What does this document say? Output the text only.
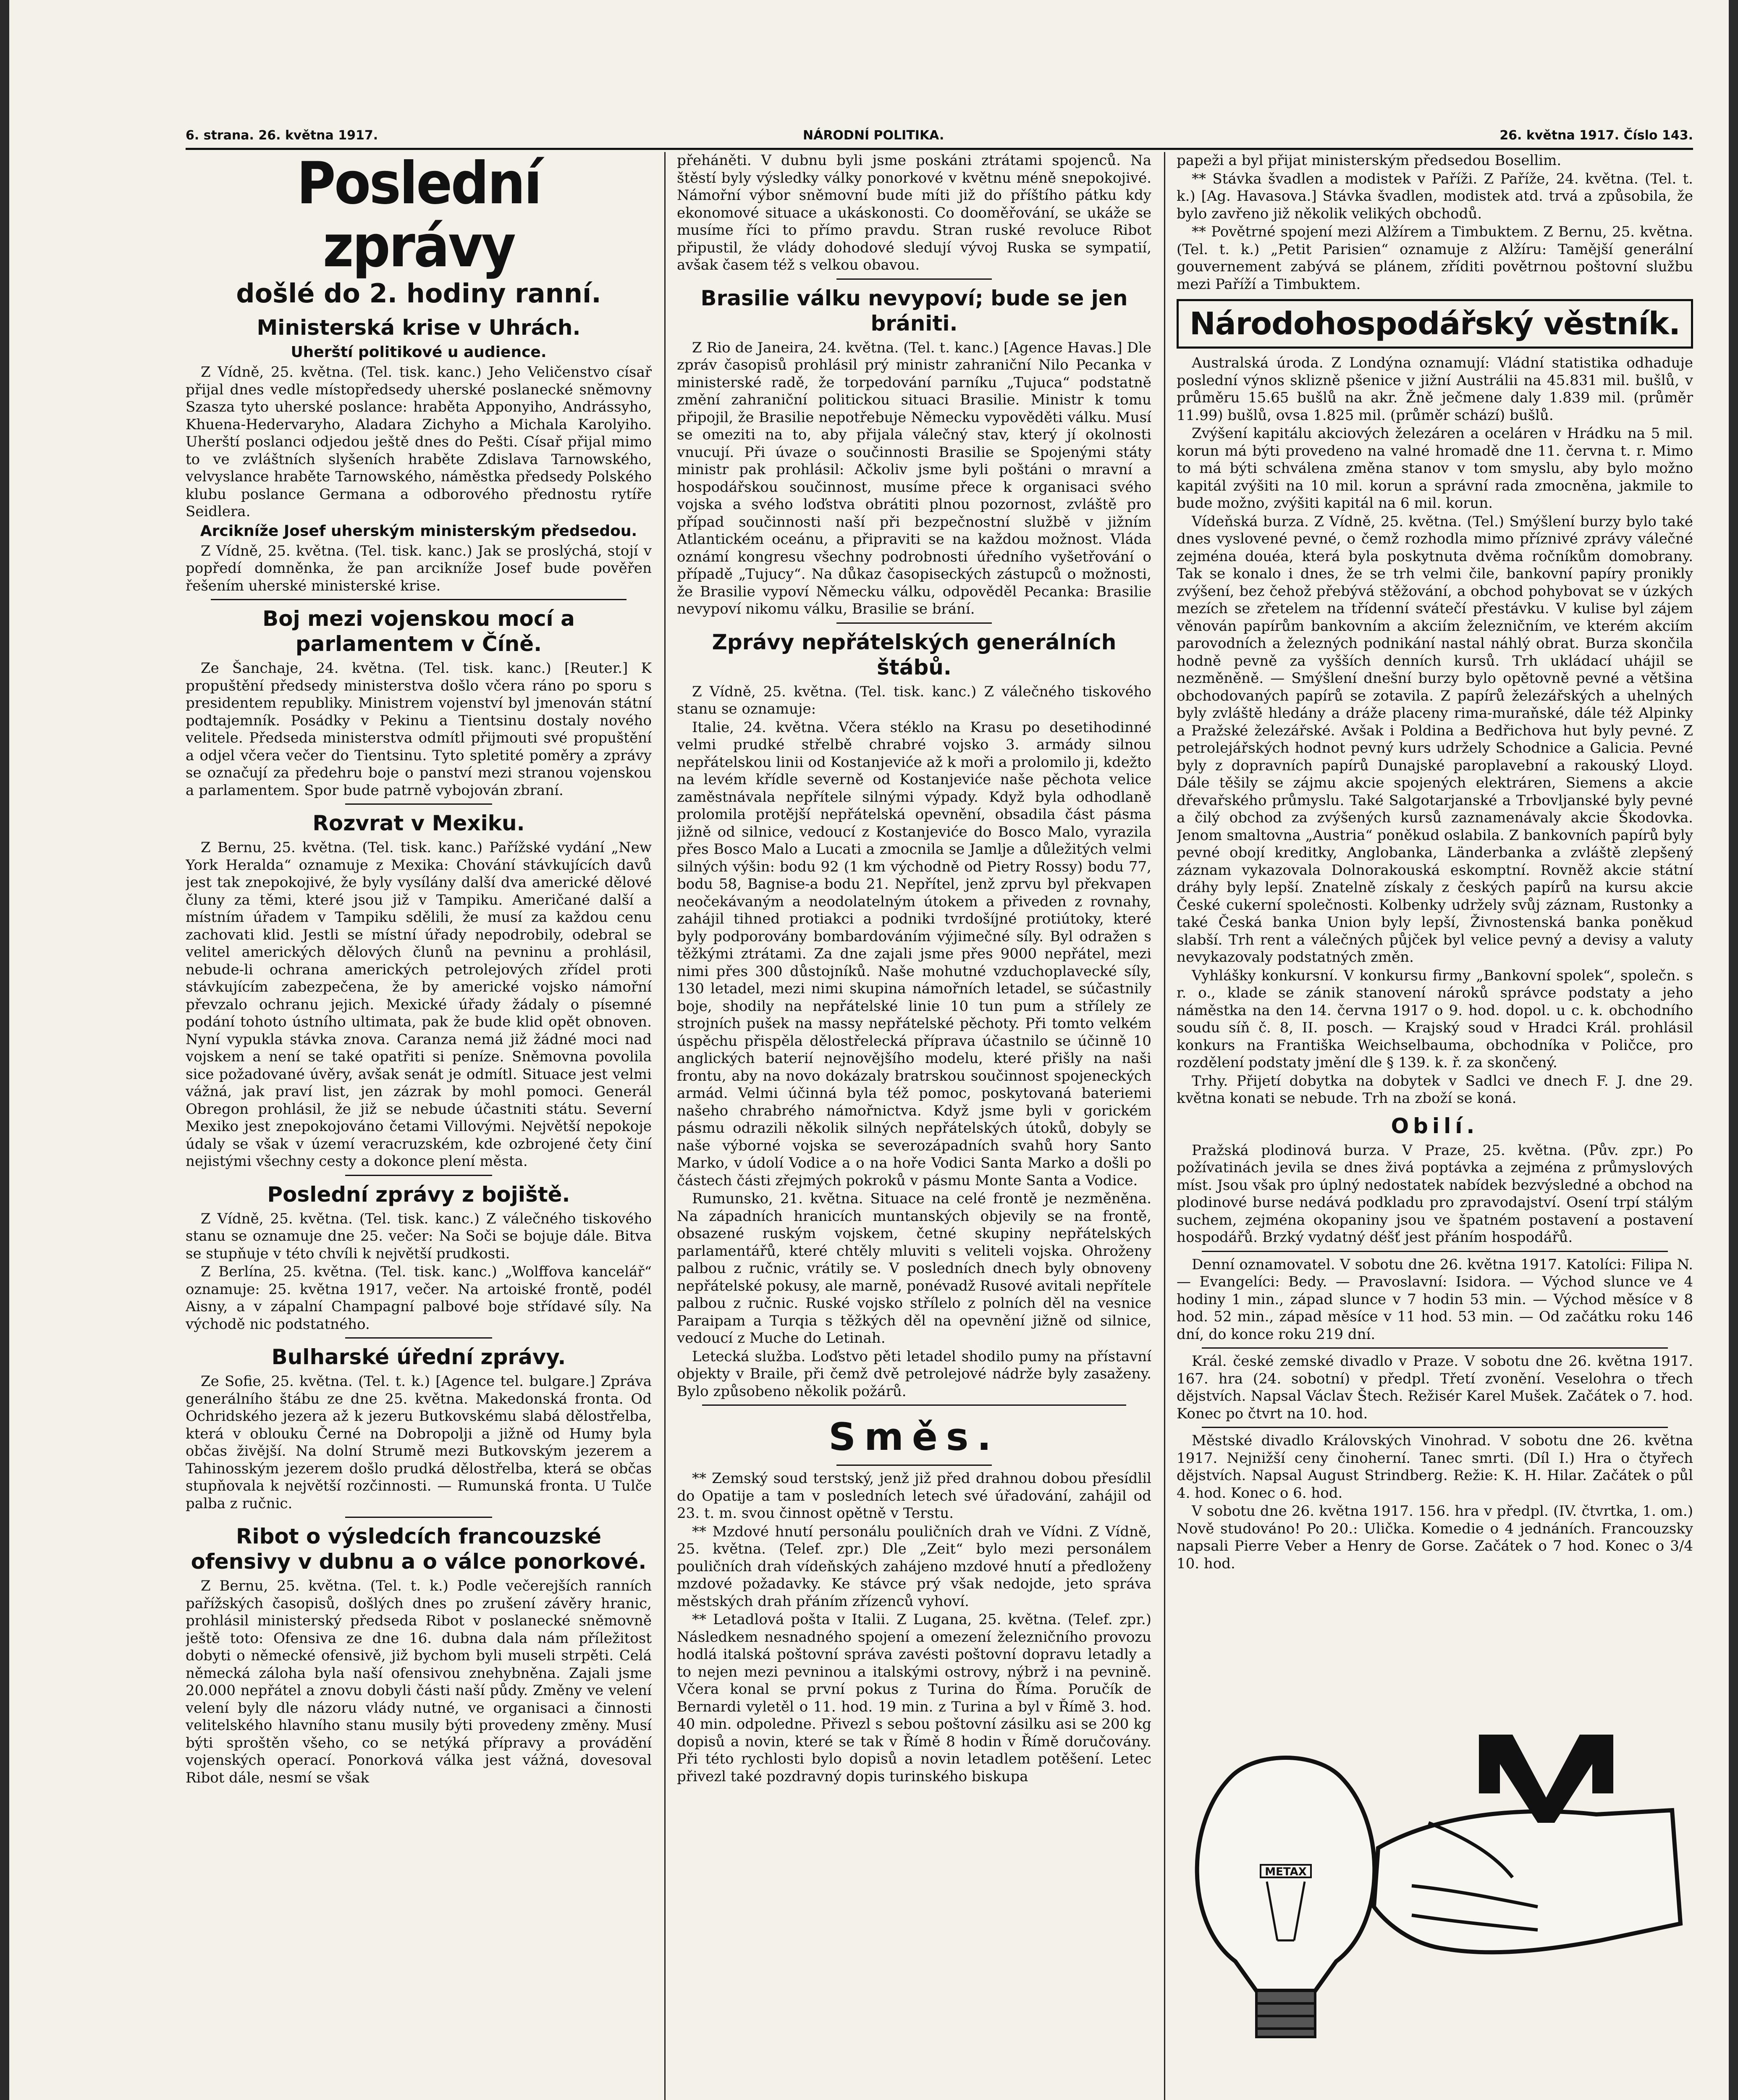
6. strana. 26. května 1917.	NÁRODNÍ POLITIKA.	26. května 1917. Číslo 143.
Poslední zprávy
došlé do 2. hodiny ranní.
Ministerská krise v Uhrách.
Uherští politikové u audience.

Z Vídně, 25. května. (Tel. tisk. kanc.) Jeho Veličenstvo císař přijal dnes vedle místopředsedy uherské poslanecké sněmovny Szasza tyto uherské poslance: hraběta Apponyiho, Andrássyho, Khuena-Hedervaryho, Aladara Zichyho a Michala Karolyiho. Uherští poslanci odjedou ještě dnes do Pešti. Císař přijal mimo to ve zvláštních slyšeních hraběte Zdislava Tarnowského, velvyslance hraběte Tarnowského, náměstka předsedy Polského klubu poslance Germana a odborového přednostu rytíře Seidlera.

Arcikníže Josef uherským ministerským předsedou.

Z Vídně, 25. května. (Tel. tisk. kanc.) Jak se proslýchá, stojí v popředí domněnka, že pan arcikníže Josef bude pověřen řešením uherské ministerské krise.

Boj mezi vojenskou mocí a parlamentem v Číně.

Ze Šanchaje, 24. května. (Tel. tisk. kanc.) [Reuter.] K propuštění předsedy ministerstva došlo včera ráno po sporu s presidentem republiky. Ministrem vojenství byl jmenován státní podtajemník. Posádky v Pekinu a Tientsinu dostaly nového velitele. Předseda ministerstva odmítl přijmouti své propuštění a odjel včera večer do Tientsinu. Tyto spletité poměry a zprávy se označují za předehru boje o panství mezi stranou vojenskou a parlamentem. Spor bude patrně vybojován zbraní.

Rozvrat v Mexiku.

Z Bernu, 25. května. (Tel. tisk. kanc.) Pařížské vydání „New York Heralda“ oznamuje z Mexika: Chování stávkujících davů jest tak znepokojivé, že byly vysílány další dva americké dělové čluny za těmi, které jsou již v Tampiku. Američané další a místním úřadem v Tampiku sdělili, že musí za každou cenu zachovati klid. Jestli se místní úřady nepodrobily, odebral se velitel amerických dělových člunů na pevninu a prohlásil, nebude-li ochrana amerických petrolejových zřídel proti stávkujícím zabezpečena, že by americké vojsko námořní převzalo ochranu jejich. Mexické úřady žádaly o písemné podání tohoto ústního ultimata, pak že bude klid opět obnoven. Nyní vypukla stávka znova. Caranza nemá již žádné moci nad vojskem a není se také opatřiti si peníze. Sněmovna povolila sice požadované úvěry, avšak senát je odmítl. Situace jest velmi vážná, jak praví list, jen zázrak by mohl pomoci. Generál Obregon prohlásil, že již se nebude účastniti státu. Severní Mexiko jest znepokojováno četami Villovými. Největší nepokoje údaly se však v území veracruzském, kde ozbrojené čety činí nejistými všechny cesty a dokonce plení města.

Poslední zprávy z bojiště.

Z Vídně, 25. května. (Tel. tisk. kanc.) Z válečného tiskového stanu se oznamuje dne 25. večer: Na Soči se bojuje dále. Bitva se stupňuje v této chvíli k největší prudkosti.

Z Berlína, 25. května. (Tel. tisk. kanc.) „Wolffova kancelář“ oznamuje: 25. května 1917, večer. Na artoiské frontě, podél Aisny, a v zápalní Champagní palbové boje střídavé síly. Na východě nic podstatného.

Bulharské úřední zprávy.

Ze Sofie, 25. května. (Tel. t. k.) [Agence tel. bulgare.] Zpráva generálního štábu ze dne 25. května. Makedonská fronta. Od Ochridského jezera až k jezeru Butkovskému slabá dělostřelba, která v oblouku Černé na Dobropolji a jižně od Humy byla občas živější. Na dolní Strumě mezi Butkovským jezerem a Tahinosským jezerem došlo prudká dělostřelba, která se občas stupňovala k největší rozčinnosti. — Rumunská fronta. U Tulče palba z ručnic.

Ribot o výsledcích francouzské ofensivy v dubnu a o válce ponorkové.

Z Bernu, 25. května. (Tel. t. k.) Podle večerejších ranních pařížských časopisů, došlých dnes po zrušení závěry hranic, prohlásil ministerský předseda Ribot v poslanecké sněmovně ještě toto: Ofensiva ze dne 16. dubna dala nám příležitost dobyti o německé ofensivě, již bychom byli museli strpěti. Celá německá záloha byla naší ofensivou znehybněna. Zajali jsme 20.000 nepřátel a znovu dobyli části naší půdy. Změny ve velení velení byly dle názoru vlády nutné, ve organisaci a činnosti velitelského hlavního stanu musily býti provedeny změny. Musí býti sproštěn všeho, co se netýká přípravy a provádění vojenských operací. Ponorková válka jest vážná, dovesoval Ribot dále, nesmí se však

přeháněti. V dubnu byli jsme poskáni ztrátami spojenců. Na štěstí byly výsledky války ponorkové v květnu méně snepokojivé. Námořní výbor sněmovní bude míti již do příštího pátku kdy ekonomové situace a ukáskonosti. Co dooměřování, se ukáže se musíme říci to přímo pravdu. Stran ruské revoluce Ribot připustil, že vlády dohodové sledují vývoj Ruska se sympatií, avšak časem též s velkou obavou.

Brasilie válku nevypoví; bude se jen brániti.

Z Rio de Janeira, 24. května. (Tel. t. kanc.) [Agence Havas.] Dle zpráv časopisů prohlásil prý ministr zahraniční Nilo Pecanka v ministerské radě, že torpedování parníku „Tujuca“ podstatně změní zahraniční politickou situaci Brasilie. Ministr k tomu připojil, že Brasilie nepotřebuje Německu vypověděti válku. Musí se omeziti na to, aby přijala válečný stav, který jí okolnosti vnucují. Při úvaze o součinnosti Brasilie se Spojenými státy ministr pak prohlásil: Ačkoliv jsme byli poštáni o mravní a hospodářskou součinnost, musíme přece k organisaci svého vojska a svého loďstva obrátiti plnou pozornost, zvláště pro případ součinnosti naší při bezpečnostní službě v jižním Atlantickém oceánu, a připraviti se na každou možnost. Vláda oznámí kongresu všechny podrobnosti úředního vyšetřování o případě „Tujucy“. Na důkaz časopiseckých zástupců o možnosti, že Brasilie vypoví Německu válku, odpověděl Pecanka: Brasilie nevypoví nikomu válku, Brasilie se brání.

Zprávy nepřátelských generálních štábů.

Z Vídně, 25. května. (Tel. tisk. kanc.) Z válečného tiskového stanu se oznamuje:

Italie, 24. května. Včera stéklo na Krasu po desetihodinné velmi prudké střelbě chrabré vojsko 3. armády silnou nepřátelskou linii od Kostanjeviće až k moři a prolomilo ji, kdežto na levém křídle severně od Kostanjeviće naše pěchota velice zaměstnávala nepřítele silnými výpady. Když byla odhodlaně prolomila protější nepřátelská opevnění, obsadila část pásma jižně od silnice, vedoucí z Kostanjeviće do Bosco Malo, vyrazila přes Bosco Malo a Lucati a zmocnila se Jamlje a důležitých velmi silných výšin: bodu 92 (1 km východně od Pietry Rossy) bodu 77, bodu 58, Bagnise-a bodu 21. Nepřítel, jenž zprvu byl překvapen neočekávaným a neodolatelným útokem a přiveden z rovnahy, zahájil tihned protiakci a podniki tvrdošíjné protiútoky, které byly podporovány bombardováním výjimečné síly. Byl odražen s těžkými ztrátami. Za dne zajali jsme přes 9000 nepřátel, mezi nimi přes 300 důstojníků. Naše mohutné vzduchoplavecké síly, 130 letadel, mezi nimi skupina námořních letadel, se súčastnily boje, shodily na nepřátelské linie 10 tun pum a střílely ze strojních pušek na massy nepřátelské pěchoty. Při tomto velkém úspěchu přispěla dělostřelecká příprava účastnilo se účinně 10 anglických baterií nejnovějšího modelu, které přišly na naši frontu, aby na novo dokázaly bratrskou součinnost spojeneckých armád. Velmi účinná byla též pomoc, poskytovaná bateriemi našeho chrabrého námořnictva. Když jsme byli v gorickém pásmu odrazili několik silných nepřátelských útoků, dobyly se naše výborné vojska se severozápadních svahů hory Santo Marko, v údolí Vodice a o na hoře Vodici Santa Marko a došli po částech části zřejmých pokroků v pásmu Monte Santa a Vodice.

Rumunsko, 21. května. Situace na celé frontě je nezměněna. Na západních hranicích muntanských objevily se na frontě, obsazené ruským vojskem, četné skupiny nepřátelských parlamentářů, které chtěly mluviti s veliteli vojska. Ohroženy palbou z ručnic, vrátily se. V posledních dnech byly obnoveny nepřátelské pokusy, ale marně, ponévadž Rusové avitali nepřítele palbou z ručnic. Ruské vojsko střílelo z polních děl na vesnice Paraipam a Turqia s těžkých děl na opevnění jižně od silnice, vedoucí z Muche do Letinah.

Letecká služba. Loďstvo pěti letadel shodilo pumy na přístavní objekty v Braile, při čemž dvě petrolejové nádrže byly zasaženy. Bylo způsobeno několik požárů.

Směs.

** Zemský soud terstský, jenž již před drahnou dobou přesídlil do Opatije a tam v posledních letech své úřadování, zahájil od 23. t. m. svou činnost opětně v Terstu.

** Mzdové hnutí personálu pouličních drah ve Vídni. Z Vídně, 25. května. (Telef. zpr.) Dle „Zeit“ bylo mezi personálem pouličních drah vídeňských zahájeno mzdové hnutí a předloženy mzdové požadavky. Ke stávce prý však nedojde, jeto správa městských drah přáním zřízenců vyhoví.

** Letadlová pošta v Italii. Z Lugana, 25. května. (Telef. zpr.) Následkem nesnadného spojení a omezení železničního provozu hodlá italská poštovní správa zavésti poštovní dopravu letadly a to nejen mezi pevninou a italskými ostrovy, nýbrž i na pevnině. Včera konal se první pokus z Turina do Říma. Poručík de Bernardi vyletěl o 11. hod. 19 min. z Turina a byl v Římě 3. hod. 40 min. odpoledne. Přivezl s sebou poštovní zásilku asi se 200 kg dopisů a novin, které se tak v Římě 8 hodin v Římě doručovány. Při této rychlosti bylo dopisů a novin letadlem potěšení. Letec přivezl také pozdravný dopis turinského biskupa

papeži a byl přijat ministerským předsedou Bosellim.

** Stávka švadlen a modistek v Paříži. Z Paříže, 24. května. (Tel. t. k.) [Ag. Havasova.] Stávka švadlen, modistek atd. trvá a způsobila, že bylo zavřeno již několik velikých obchodů.

** Povětrné spojení mezi Alžírem a Timbuktem. Z Bernu, 25. května. (Tel. t. k.) „Petit Parisien“ oznamuje z Alžíru: Tamější generální gouvernement zabývá se plánem, zříditi povětrnou poštovní službu mezi Paříží a Timbuktem.

Národohospodářský věstník.

Australská úroda. Z Londýna oznamují: Vládní statistika odhaduje poslední výnos sklizně pšenice v jižní Austrálii na 45.831 mil. bušlů, v průměru 15.65 bušlů na akr. Žně ječmene daly 1.839 mil. (průměr 11.99) bušlů, ovsa 1.825 mil. (průměr schází) bušlů.

Zvýšení kapitálu akciových železáren a oceláren v Hrádku na 5 mil. korun má býti provedeno na valné hromadě dne 11. června t. r. Mimo to má býti schválena změna stanov v tom smyslu, aby bylo možno kapitál zvýšiti na 10 mil. korun a správní rada zmocněna, jakmile to bude možno, zvýšiti kapitál na 6 mil. korun.

Vídeňská burza. Z Vídně, 25. května. (Tel.) Smýšlení burzy bylo také dnes vyslovené pevné, o čemž rozhodla mimo příznivé zprávy válečné zejména douéa, která byla poskytnuta dvěma ročníkům domobrany. Tak se konalo i dnes, že se trh velmi čile, bankovní papíry pronikly zvýšení, bez čehož přebývá stěžování, a obchod pohybovat se v úzkých mezích se zřetelem na třídenní svátečí přestávku. V kulise byl zájem věnován papírům bankovním a akciím železničním, ve kterém akciím parovodních a železných podnikání nastal náhlý obrat. Burza skončila hodně pevně za vyšších denních kursů. Trh ukládací uhájil se nezměněně. — Smýšlení dnešní burzy bylo opětovně pevné a většina obchodovaných papírů se zotavila. Z papírů železářských a uhelných byly zvláště hledány a dráže placeny rima-muraňské, dále též Alpinky a Pražské železářské. Avšak i Poldina a Bedřichova hut byly pevné. Z petrolejářských hodnot pevný kurs udržely Schodnice a Galicia. Pevné byly z dopravních papírů Dunajské paroplavební a rakouský Lloyd. Dále těšily se zájmu akcie spojených elektráren, Siemens a akcie dřevařského průmyslu. Také Salgotarjanské a Trbovljanské byly pevné a čilý obchod za zvýšených kursů zaznamenávaly akcie Škodovka. Jenom smaltovna „Austria“ poněkud oslabila. Z bankovních papírů byly pevné obojí kreditky, Anglobanka, Länderbanka a zvláště zlepšený záznam vykazovala Dolnorakouská eskomptní. Rovněž akcie státní dráhy byly lepší. Znatelně získaly z českých papírů na kursu akcie České cukerní společnosti. Kolbenky udržely svůj záznam, Rustonky a také Česká banka Union byly lepší, Živnostenská banka poněkud slabší. Trh rent a válečných půjček byl velice pevný a devisy a valuty nevykazovaly podstatných změn.

Vyhlášky konkursní. V konkursu firmy „Bankovní spolek“, společn. s r. o., klade se zánik stanovení nároků správce podstaty a jeho náměstka na den 14. června 1917 o 9. hod. dopol. u c. k. obchodního soudu síň č. 8, II. posch. — Krajský soud v Hradci Král. prohlásil konkurs na Františka Weichselbauma, obchodníka v Poličce, pro rozdělení podstaty jmění dle § 139. k. ř. za skončený.

Trhy. Přijetí dobytka na dobytek v Sadlci ve dnech F. J. dne 29. května konati se nebude. Trh na zboží se koná.

Obilí.

Pražská plodinová burza. V Praze, 25. května. (Pův. zpr.) Po požívatinách jevila se dnes živá poptávka a zejména z průmyslových míst. Jsou však pro úplný nedostatek nabídek bezvýsledné a obchod na plodinové burse nedává podkladu pro zpravodajství. Osení trpí stálým suchem, zejména okopaniny jsou ve špatném postavení a postavení hospodářů. Brzký vydatný déšť jest přáním hospodářů.

Denní oznamovatel. V sobotu dne 26. května 1917. Katolíci: Filipa N. — Evangelíci: Bedy. — Pravoslavní: Isidora. — Východ slunce ve 4 hodiny 1 min., západ slunce v 7 hodin 53 min. — Východ měsíce v 8 hod. 52 min., západ měsíce v 11 hod. 53 min. — Od začátku roku 146 dní, do konce roku 219 dní.

Král. české zemské divadlo v Praze. V sobotu dne 26. května 1917. 167. hra (24. sobotní) v předpl. Třetí zvonění. Veselohra o třech dějstvích. Napsal Václav Štech. Režisér Karel Mušek. Začátek o 7. hod. Konec po čtvrt na 10. hod.

Městské divadlo Královských Vinohrad. V sobotu dne 26. května 1917. Nejnižší ceny činoherní. Tanec smrti. (Díl I.) Hra o čtyřech dějstvích. Napsal August Strindberg. Režie: K. H. Hilar. Začátek o půl 4. hod. Konec o 6. hod.

V sobotu dne 26. května 1917. 156. hra v předpl. (IV. čtvrtka, 1. om.) Nově studováno! Po 20.: Ulička. Komedie o 4 jednáních. Francouzsky napsali Pierre Veber a Henry de Gorse. Začátek o 7 hod. Konec o 3/4 10. hod.

METAX
